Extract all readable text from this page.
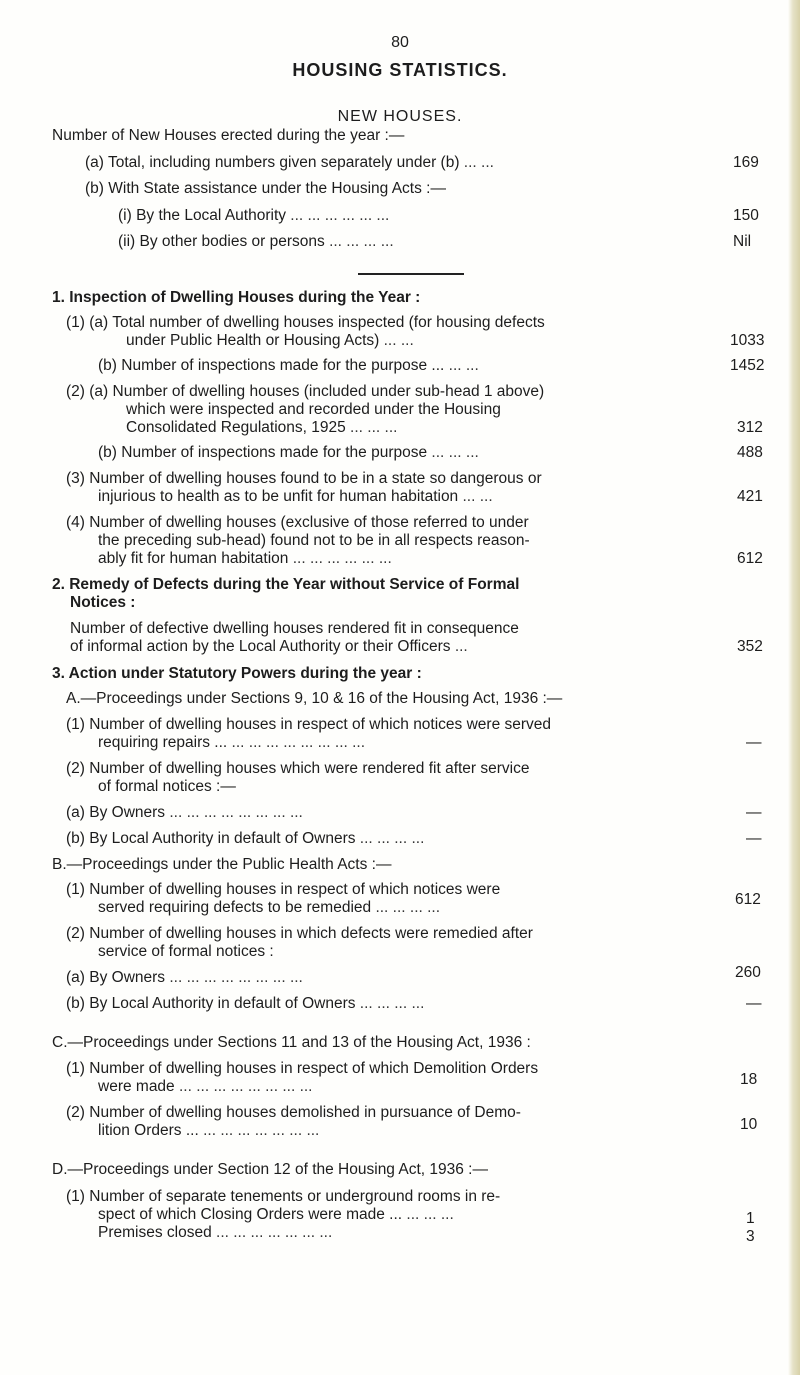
80
HOUSING STATISTICS.
NEW HOUSES.
Number of New Houses erected during the year :—
(a) Total, including numbers given separately under (b) ... ...	169
(b) With State assistance under the Housing Acts :—
(i) By the Local Authority ... ... ... ... ... ...	150
(ii) By other bodies or persons ... ... ... ...	Nil
1. Inspection of Dwelling Houses during the Year :
(1) (a) Total number of dwelling houses inspected (for housing defects
under Public Health or Housing Acts) ... ...	1033
(b) Number of inspections made for the purpose ... ... ...	1452
(2) (a) Number of dwelling houses (included under sub-head 1 above)
which were inspected and recorded under the Housing
Consolidated Regulations, 1925 ... ... ...	312
(b) Number of inspections made for the purpose ... ... ...	488
(3) Number of dwelling houses found to be in a state so dangerous or
injurious to health as to be unfit for human habitation ... ...	421
(4) Number of dwelling houses (exclusive of those referred to under
the preceding sub-head) found not to be in all respects reason-
ably fit for human habitation ... ... ... ... ... ...	612
2. Remedy of Defects during the Year without Service of Formal
Notices :
Number of defective dwelling houses rendered fit in consequence
of informal action by the Local Authority or their Officers ...	352
3. Action under Statutory Powers during the year :
A.—Proceedings under Sections 9, 10 & 16 of the Housing Act, 1936 :—
(1) Number of dwelling houses in respect of which notices were served
requiring repairs ... ... ... ... ... ... ... ... ...	—
(2) Number of dwelling houses which were rendered fit after service
of formal notices :—
(a) By Owners ... ... ... ... ... ... ... ...	—
(b) By Local Authority in default of Owners ... ... ... ...	—
B.—Proceedings under the Public Health Acts :—
(1) Number of dwelling houses in respect of which notices were
served requiring defects to be remedied ... ... ... ...	612
(2) Number of dwelling houses in which defects were remedied after
service of formal notices :
(a) By Owners ... ... ... ... ... ... ... ...	260
(b) By Local Authority in default of Owners ... ... ... ...	—
C.—Proceedings under Sections 11 and 13 of the Housing Act, 1936 :
(1) Number of dwelling houses in respect of which Demolition Orders
were made ... ... ... ... ... ... ... ...	18
(2) Number of dwelling houses demolished in pursuance of Demo-
lition Orders ... ... ... ... ... ... ... ...	10
D.—Proceedings under Section 12 of the Housing Act, 1936 :—
(1) Number of separate tenements or underground rooms in re-
spect of which Closing Orders were made ... ... ... ...	1
Premises closed ... ... ... ... ... ... ...	3
